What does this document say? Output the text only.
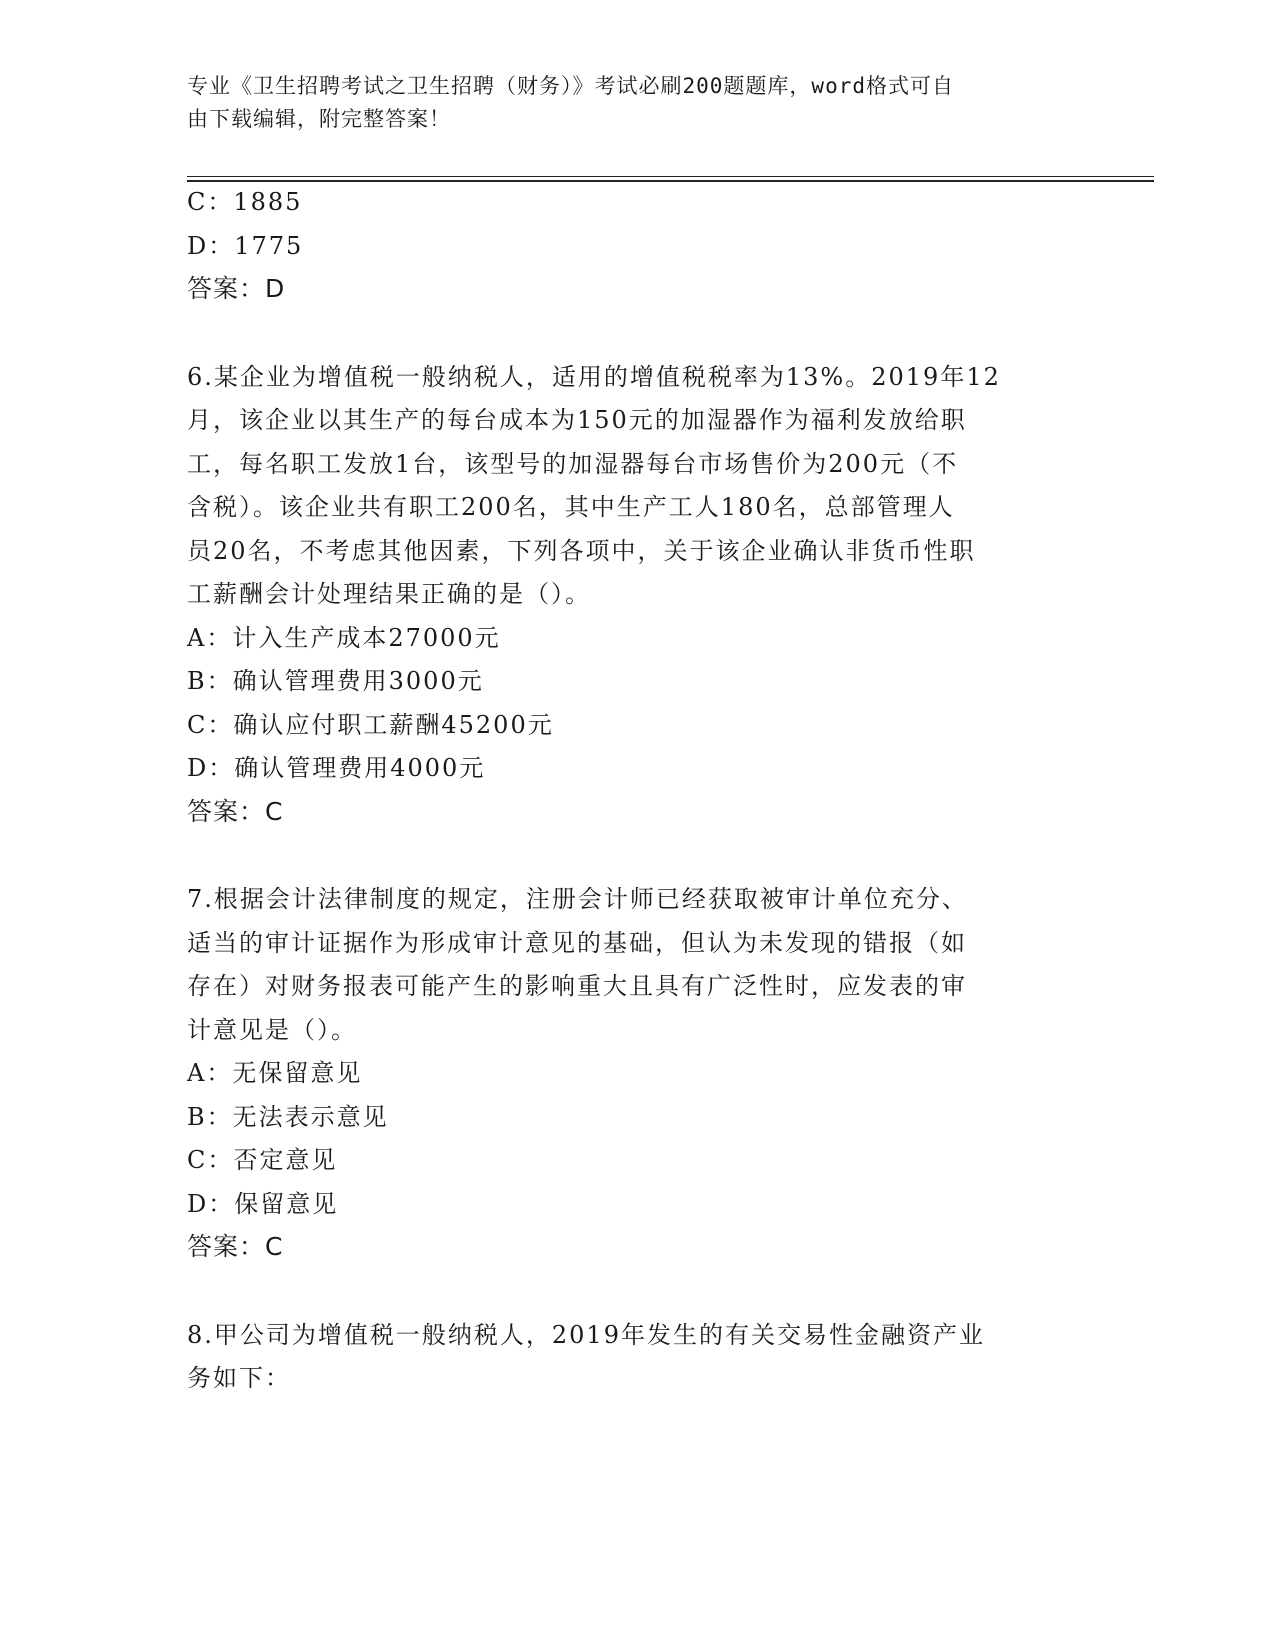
专业《卫生招聘考试之卫生招聘（财务）》考试必刷200题题库，word格式可自
由下载编辑，附完整答案！
C：1885
D：1775
答案：D
6.某企业为增值税一般纳税人，适用的增值税税率为13%。2019年12
月，该企业以其生产的每台成本为150元的加湿器作为福利发放给职
工，每名职工发放1台，该型号的加湿器每台市场售价为200元（不
含税）。该企业共有职工200名，其中生产工人180名，总部管理人
员20名，不考虑其他因素，下列各项中，关于该企业确认非货币性职
工薪酬会计处理结果正确的是（）。
A：计入生产成本27000元
B：确认管理费用3000元
C：确认应付职工薪酬45200元
D：确认管理费用4000元
答案：C
7.根据会计法律制度的规定，注册会计师已经获取被审计单位充分、
适当的审计证据作为形成审计意见的基础，但认为未发现的错报（如
存在）对财务报表可能产生的影响重大且具有广泛性时，应发表的审
计意见是（）。
A：无保留意见
B：无法表示意见
C：否定意见
D：保留意见
答案：C
8.甲公司为增值税一般纳税人，2019年发生的有关交易性金融资产业
务如下：
